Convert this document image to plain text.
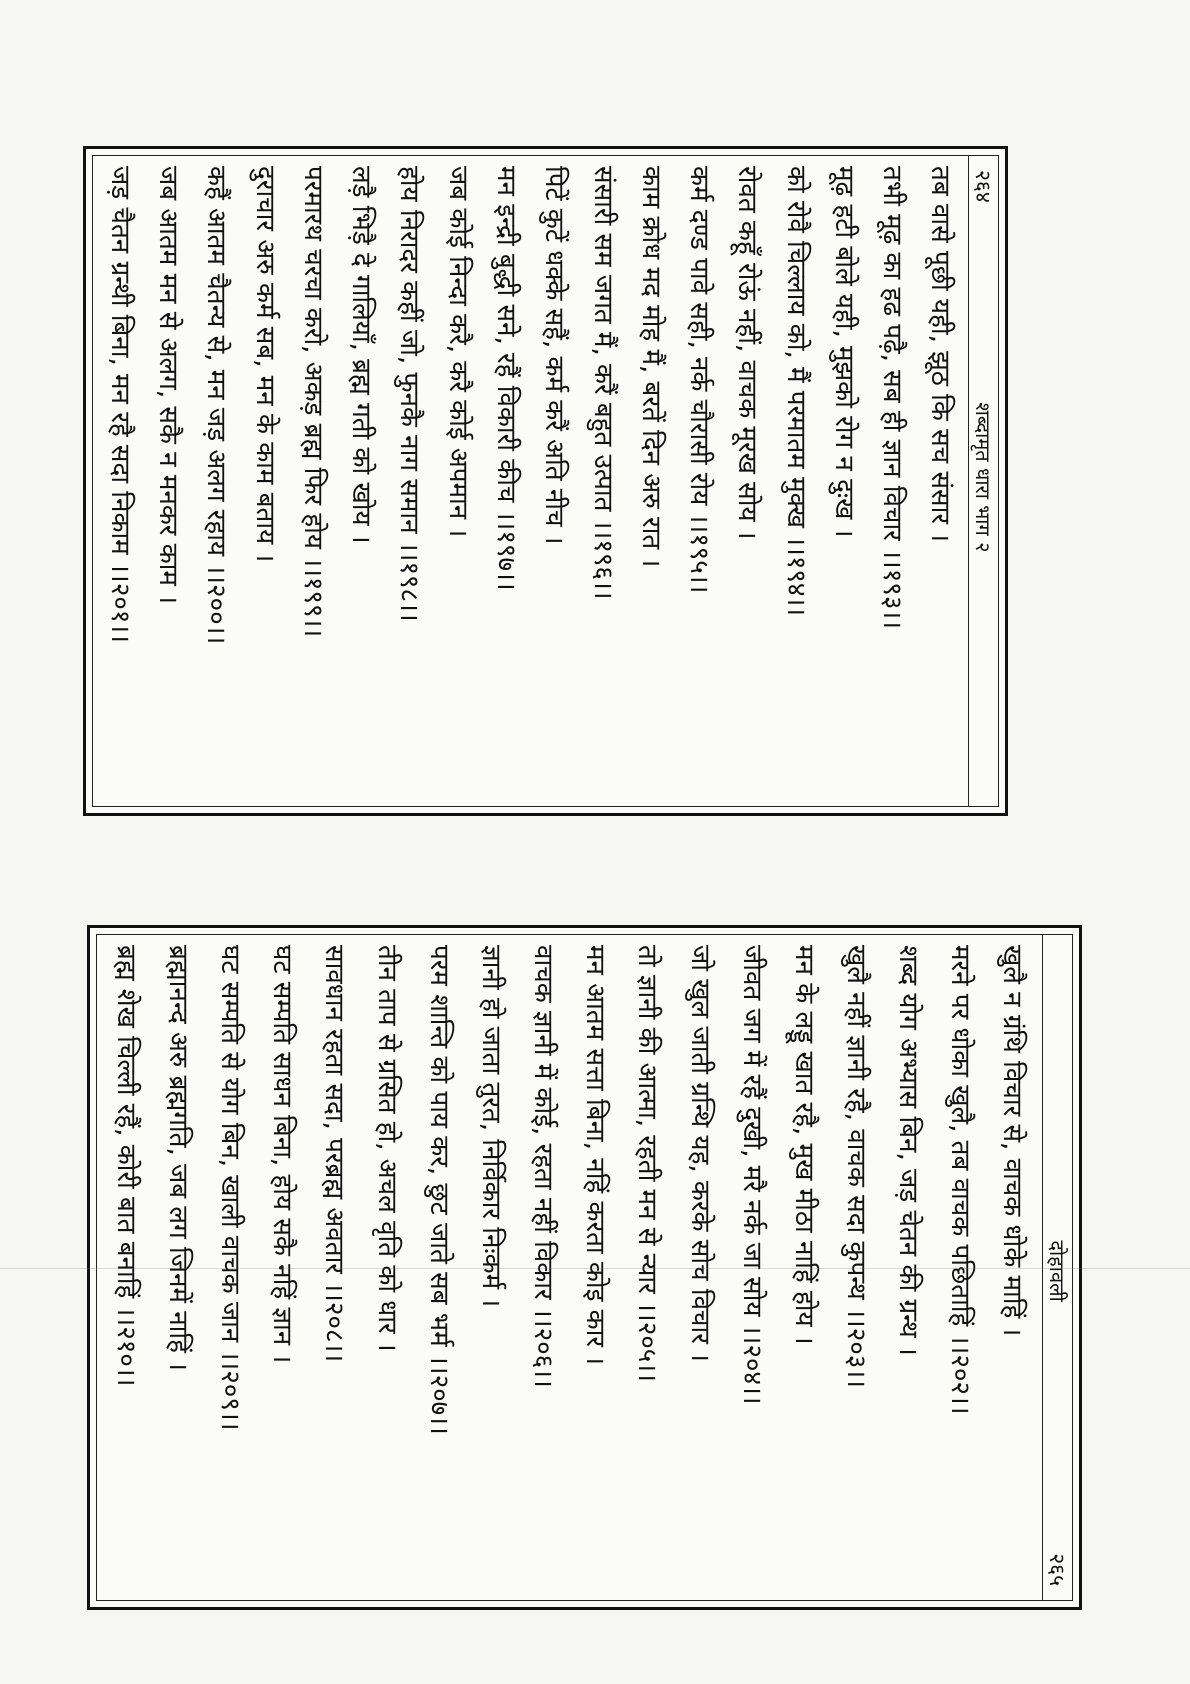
२६४
शब्दामृत धारा भाग २
तब वासे पूछी यही, झूठ कि सच संसार ।
तभी मूढ़ का हढ पढ़ै, सब ही ज्ञान विचार ।।१९३।।
मूढ़ हटी बोले यही, मुझको रोग न दुःख ।
को रोवै चिल्लाय को, मैं परमातम मुक्ख ।।१९४।।
रोवत कहूँ रोऊं नहीं, वाचक मूरख सोय ।
कर्म दण्ड पावे सही, नर्क चौरासी रोय ।।१९५।।
काम क्रोध मद मोह मैं, बरतें दिन अरु रात ।
संसारी सम जगत मैं, करैं बहुत उत्पात ।।१९६।।
पिटें कुटें धक्के सहैं, कर्म करैं अति नीच ।
मन इन्द्री बुद्धी सने, रहैं विकारी कीच ।।१९७।।
जब कोई निन्दा करै, करै कोई अपमान ।
होय निरादर कहीं जो, फुनकै नाग समान ।।१९८।।
लड़ै भिड़ै दे गालियाँ, ब्रह्म गती को खोय ।
परमारथ चरचा करो, अकड़ ब्रह्म फिर होय ।।१९९।।
दुराचार अरु कर्म सब, मन के काम बताय ।
कहैं आतम चैतन्य से, मन जड़ अलग रहाय ।।२००।।
जब आतम मन से अलग, सकै न मनकर काम ।
जड़ चैतन ग्रन्थी बिना, मन रहै सदा निकाम ।।२०१।।
दोहावली
२६५
खुलै न ग्रंथि विचार से, वाचक धोके माहिं ।
मरने पर धोका खुलै, तब वाचक पछिताहिं ।।२०२।।
शब्द योग अभ्यास बिन, जड़ चेतन की ग्रन्थ ।
खुलै नहीं ज्ञानी रहै, वाचक सदा कुपन्थ ।।२०३।।
मन के लड्डू खात रहै, मुख मीठा नाहिं होय ।
जीवत जग में रहैं दुखी, मरै नर्क जा सोय ।।२०४।।
जो खुल जाती ग्रन्थि यह, करके सोच विचार ।
तो ज्ञानी की आत्मा, रहती मन से न्यार ।।२०५।।
मन आतम सत्ता बिना, नहिं करता कोइ कार ।
वाचक ज्ञानी में कोई, रहता नहीं विकार ।।२०६।।
ज्ञानी हो जाता तुरत, निर्विकार निःकर्म ।
परम शान्ति को पाय कर, छुट जाते सब भर्म ।।२०७।।
तीन ताप से ग्रसित हो, अचल वृति को धार ।
सावधान रहता सदा, परब्रह्म अवतार ।।२०८।।
घट सम्पति साधन बिना, होय सकै नहिं ज्ञान ।
घट सम्पति से योग बिन, खाली वाचक जान ।।२०९।।
ब्रह्मानन्द अरु ब्रह्मगति, जब लग जिनमें नाहिं ।
ब्रह्म शेख चिल्ली रहैं, कोरी बात बनाहिं ।।२१०।।
